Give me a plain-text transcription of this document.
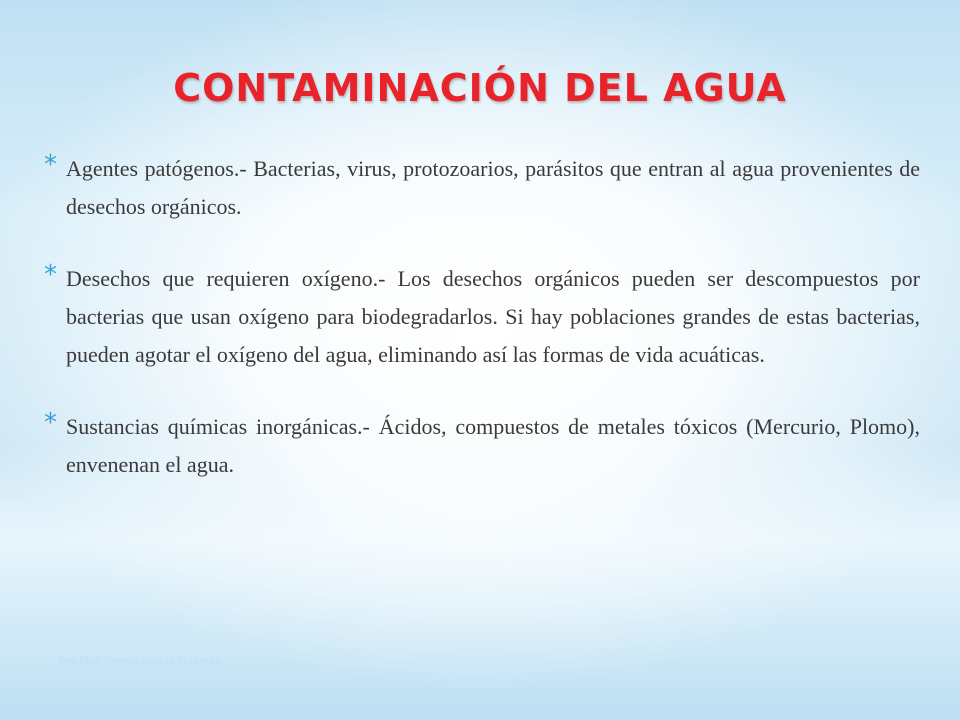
CONTAMINACIÓN DEL AGUA
* Agentes patógenos.- Bacterias, virus, protozoarios, parásitos que entran al agua provenientes de desechos orgánicos.
* Desechos que requieren oxígeno.- Los desechos orgánicos pueden ser descompuestos por bacterias que usan oxígeno para biodegradarlos. Si hay poblaciones grandes de estas bacterias, pueden agotar el oxígeno del agua, eliminando así las formas de vida acuáticas.
* Sustancias químicas inorgánicas.- Ácidos, compuestos de metales tóxicos (Mercurio, Plomo), envenenan el agua.
Dra.Flor Teresa García Huamán
